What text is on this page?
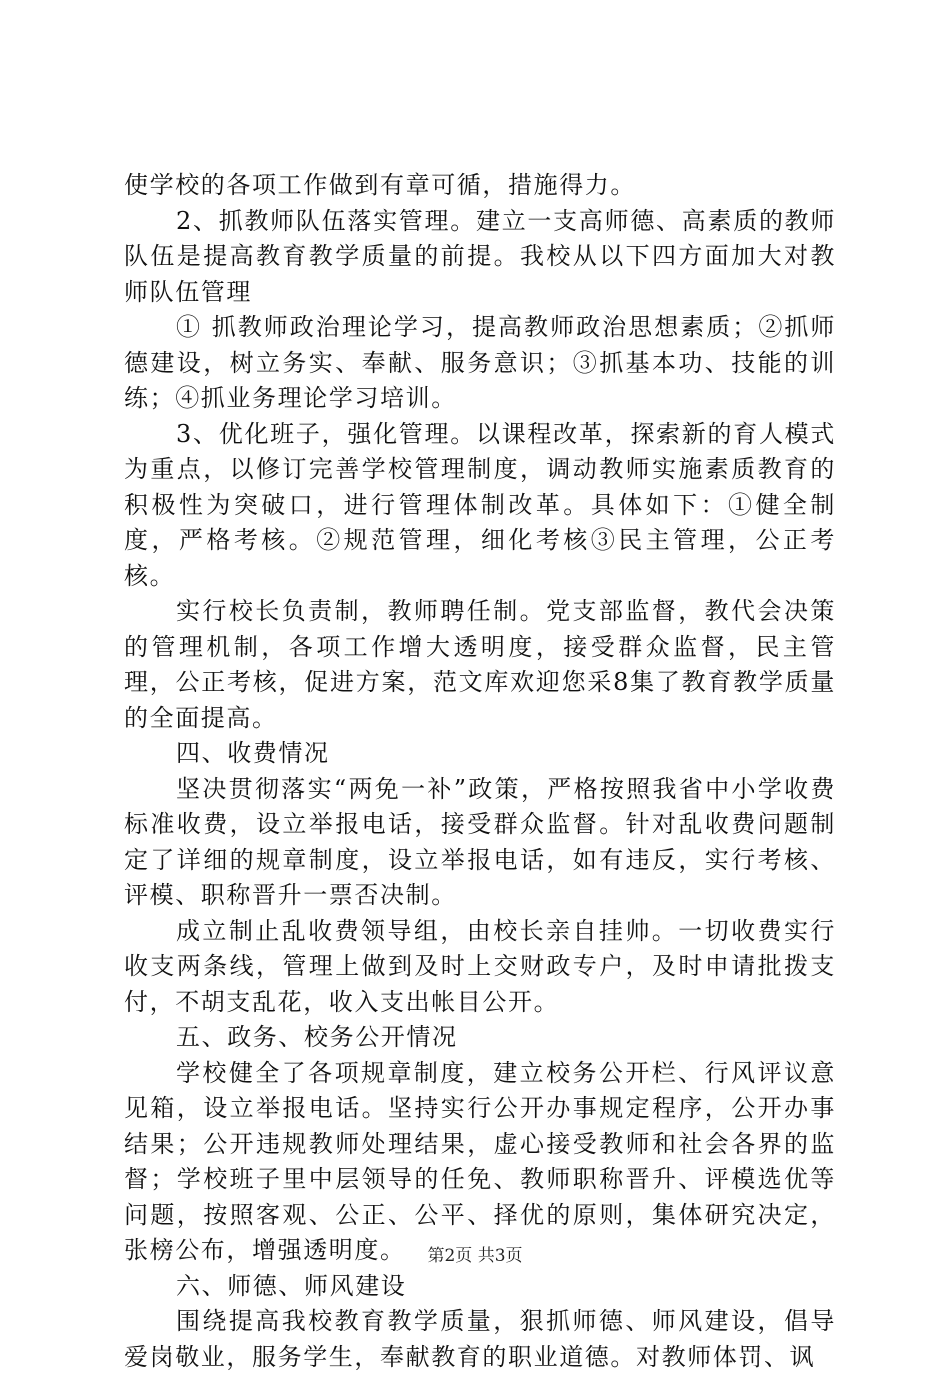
使学校的各项工作做到有章可循，措施得力。

2、抓教师队伍落实管理。建立一支高师德、高素质的教师队伍是提高教育教学质量的前提。我校从以下四方面加大对教师队伍管理

① 抓教师政治理论学习，提高教师政治思想素质；②抓师德建设，树立务实、奉献、服务意识；③抓基本功、技能的训练；④抓业务理论学习培训。

3、优化班子，强化管理。以课程改革，探索新的育人模式为重点，以修订完善学校管理制度，调动教师实施素质教育的积极性为突破口，进行管理体制改革。具体如下：①健全制度，严格考核。②规范管理，细化考核③民主管理，公正考核。

实行校长负责制，教师聘任制。党支部监督，教代会决策的管理机制，各项工作增大透明度，接受群众监督，民主管理，公正考核，促进方案，范文库欢迎您采8集了教育教学质量的全面提高。

四、收费情况

坚决贯彻落实“两免一补”政策，严格按照我省中小学收费标准收费，设立举报电话，接受群众监督。针对乱收费问题制定了详细的规章制度，设立举报电话，如有违反，实行考核、评模、职称晋升一票否决制。

成立制止乱收费领导组，由校长亲自挂帅。一切收费实行收支两条线，管理上做到及时上交财政专户，及时申请批拨支付，不胡支乱花，收入支出帐目公开。

五、政务、校务公开情况

学校健全了各项规章制度，建立校务公开栏、行风评议意见箱，设立举报电话。坚持实行公开办事规定程序，公开办事结果；公开违规教师处理结果，虚心接受教师和社会各界的监督；学校班子里中层领导的任免、教师职称晋升、评模选优等问题，按照客观、公正、公平、择优的原则，集体研究决定，张榜公布，增强透明度。

六、师德、师风建设

围绕提高我校教育教学质量，狠抓师德、师风建设，倡导爱岗敬业，服务学生，奉献教育的职业道德。对教师体罚、讽

第2页 共3页
